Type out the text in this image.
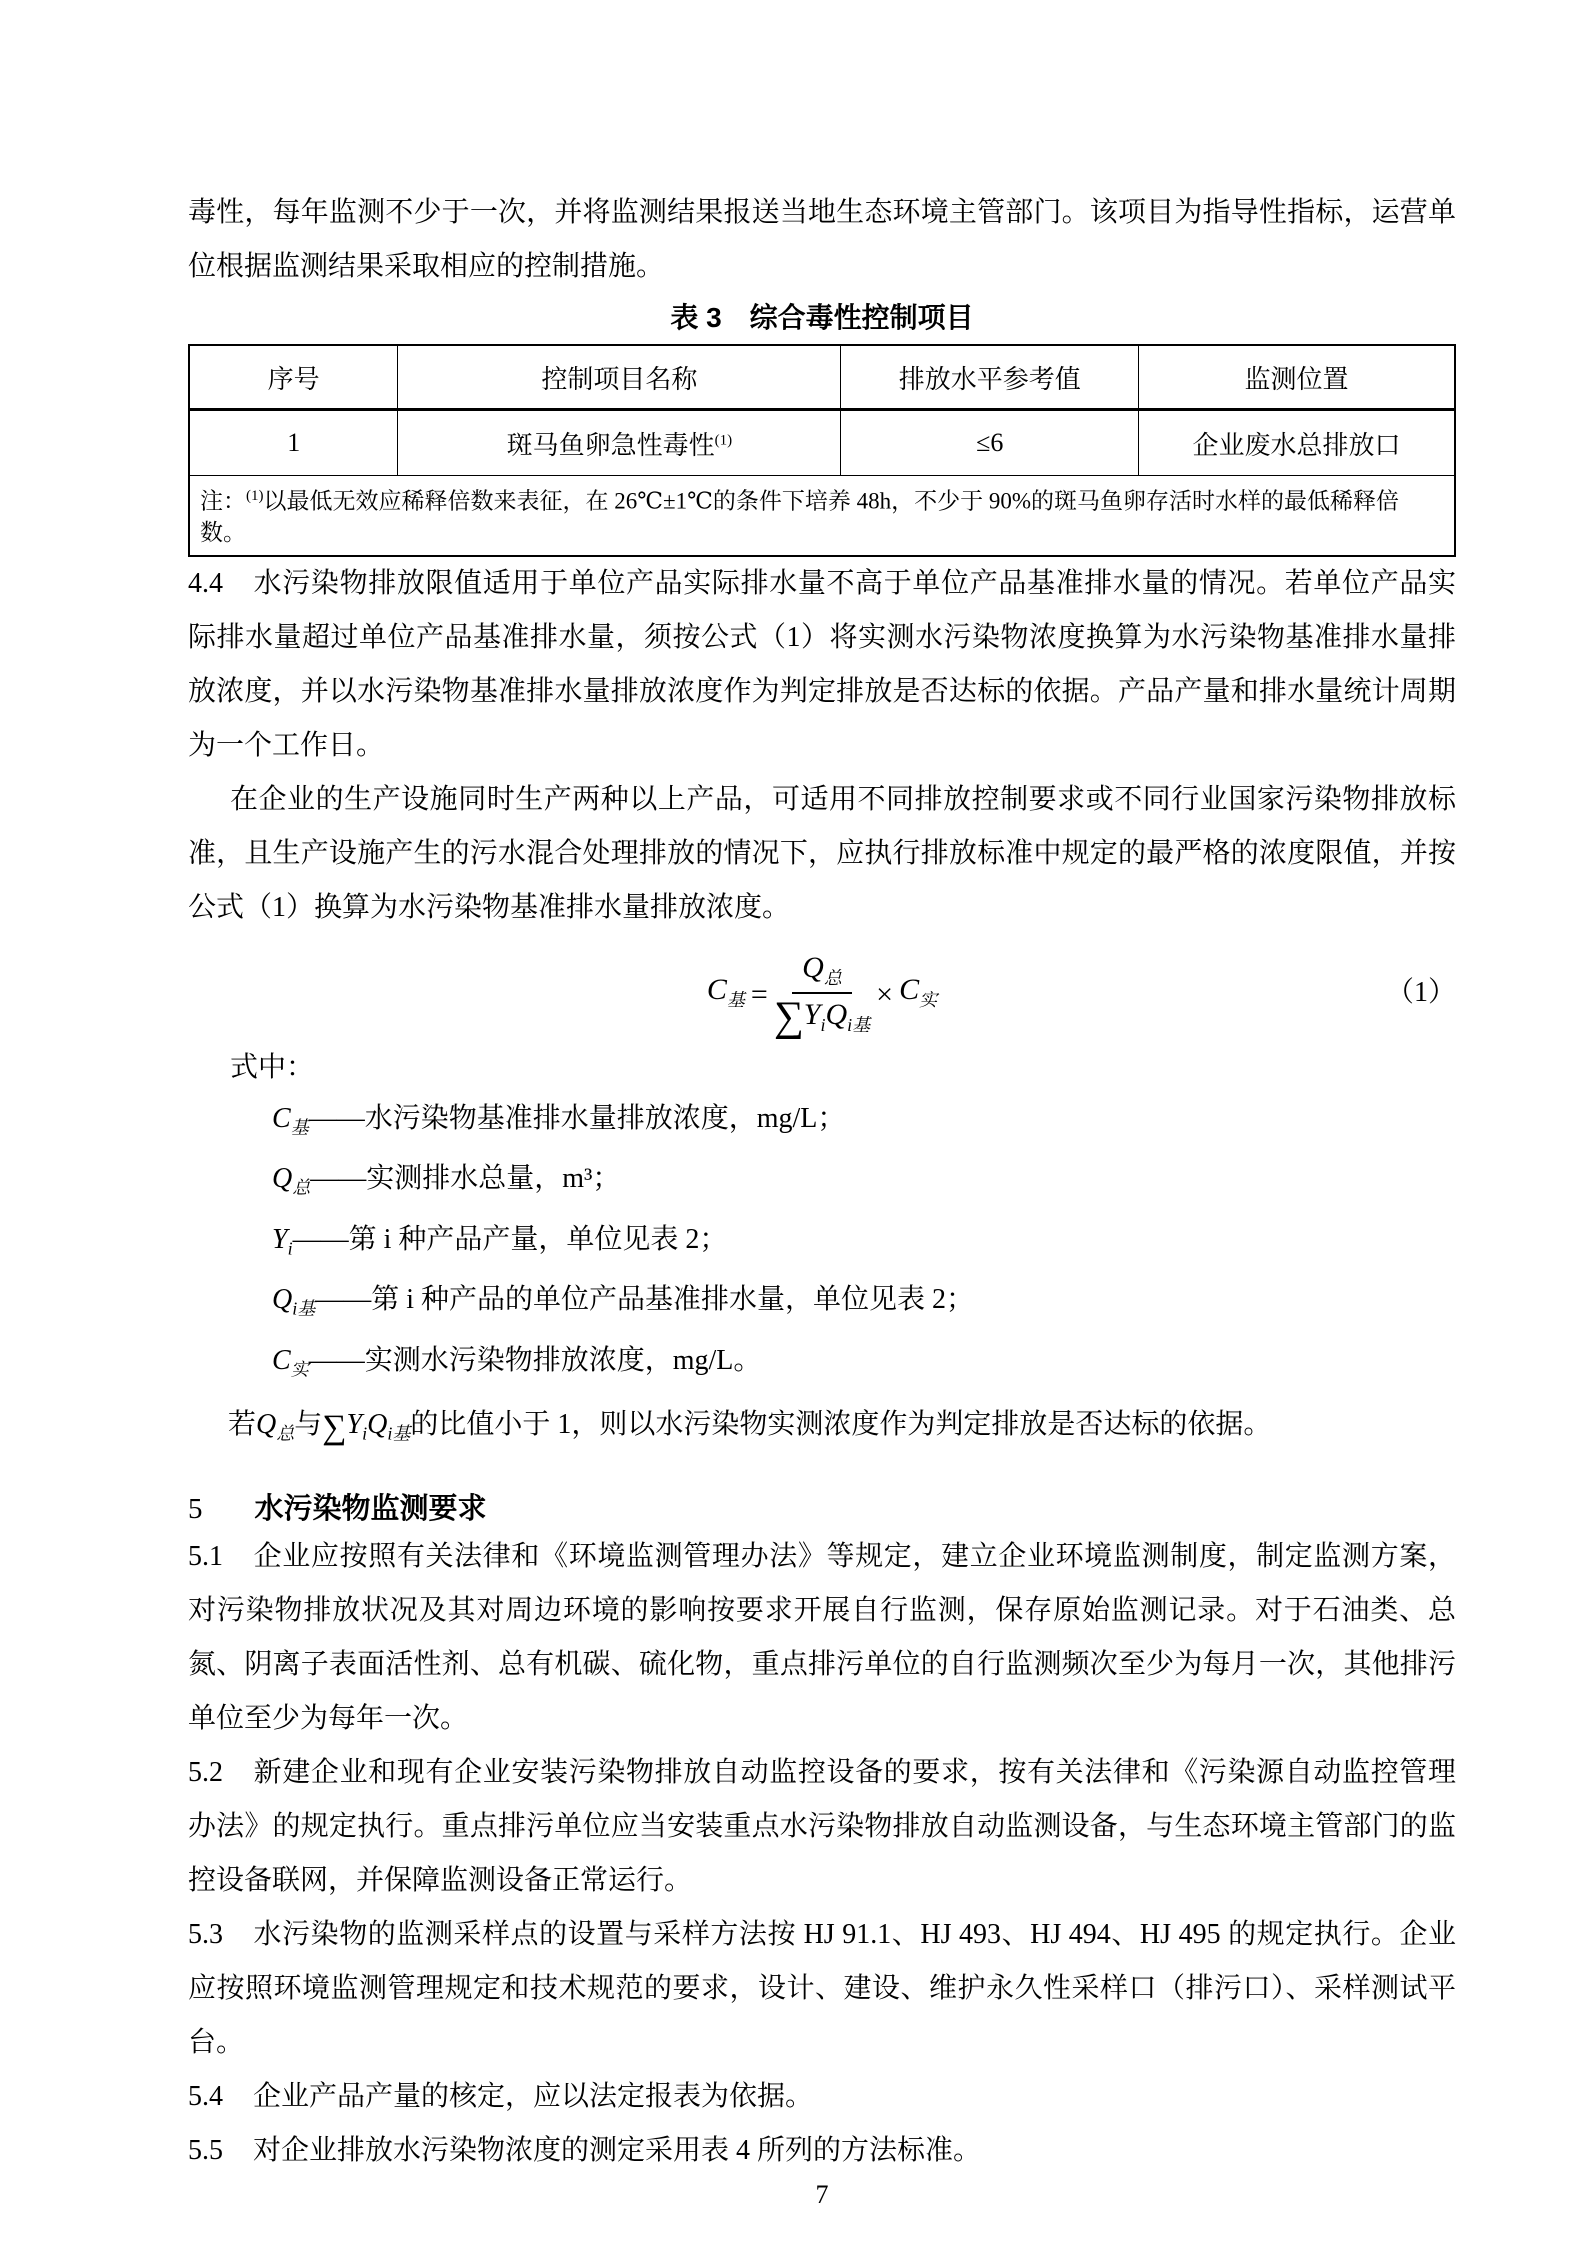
毒性，每年监测不少于一次，并将监测结果报送当地生态环境主管部门。该项目为指导性指标，运营单位根据监测结果采取相应的控制措施。

表 3　综合毒性控制项目

序号	控制项目名称	排放水平参考值	监测位置
1	斑马鱼卵急性毒性$^{(1)}$	≤6	企业废水总排放口
注：$^{(1)}$以最低无效应稀释倍数来表征，在 26℃±1℃的条件下培养 48h，不少于 90%的斑马鱼卵存活时水样的最低稀释倍数。			

4.4 水污染物排放限值适用于单位产品实际排水量不高于单位产品基准排水量的情况。若单位产品实际排水量超过单位产品基准排水量，须按公式（1）将实测水污染物浓度换算为水污染物基准排水量排放浓度，并以水污染物基准排水量排放浓度作为判定排放是否达标的依据。产品产量和排水量统计周期为一个工作日。

在企业的生产设施同时生产两种以上产品，可适用不同排放控制要求或不同行业国家污染物排放标准，且生产设施产生的污水混合处理排放的情况下，应执行排放标准中规定的最严格的浓度限值，并按公式（1）换算为水污染物基准排水量排放浓度。

$C_基 = \frac{Q_总}{\sum Y_iQ_{i基}} \times C_实$	（1）

式中：

$C_基——$水污染物基准排水量排放浓度，mg/L；

$Q_总——$实测排水总量，m³；

$Y_i——$第 i 种产品产量，单位见表 2；

$Q_{i基}——$第 i 种产品的单位产品基准排水量，单位见表 2；

$C_实——$实测水污染物排放浓度，mg/L。

若$Q_总$与$\sum Y_iQ_{i基}$的比值小于 1，则以水污染物实测浓度作为判定排放是否达标的依据。

5 水污染物监测要求

5.1 企业应按照有关法律和《环境监测管理办法》等规定，建立企业环境监测制度，制定监测方案，对污染物排放状况及其对周边环境的影响按要求开展自行监测，保存原始监测记录。对于石油类、总氮、阴离子表面活性剂、总有机碳、硫化物，重点排污单位的自行监测频次至少为每月一次，其他排污单位至少为每年一次。

5.2 新建企业和现有企业安装污染物排放自动监控设备的要求，按有关法律和《污染源自动监控管理办法》的规定执行。重点排污单位应当安装重点水污染物排放自动监测设备，与生态环境主管部门的监控设备联网，并保障监测设备正常运行。

5.3 水污染物的监测采样点的设置与采样方法按 HJ 91.1、HJ 493、HJ 494、HJ 495 的规定执行。企业应按照环境监测管理规定和技术规范的要求，设计、建设、维护永久性采样口（排污口）、采样测试平台。

5.4 企业产品产量的核定，应以法定报表为依据。

5.5 对企业排放水污染物浓度的测定采用表 4 所列的方法标准。

7
